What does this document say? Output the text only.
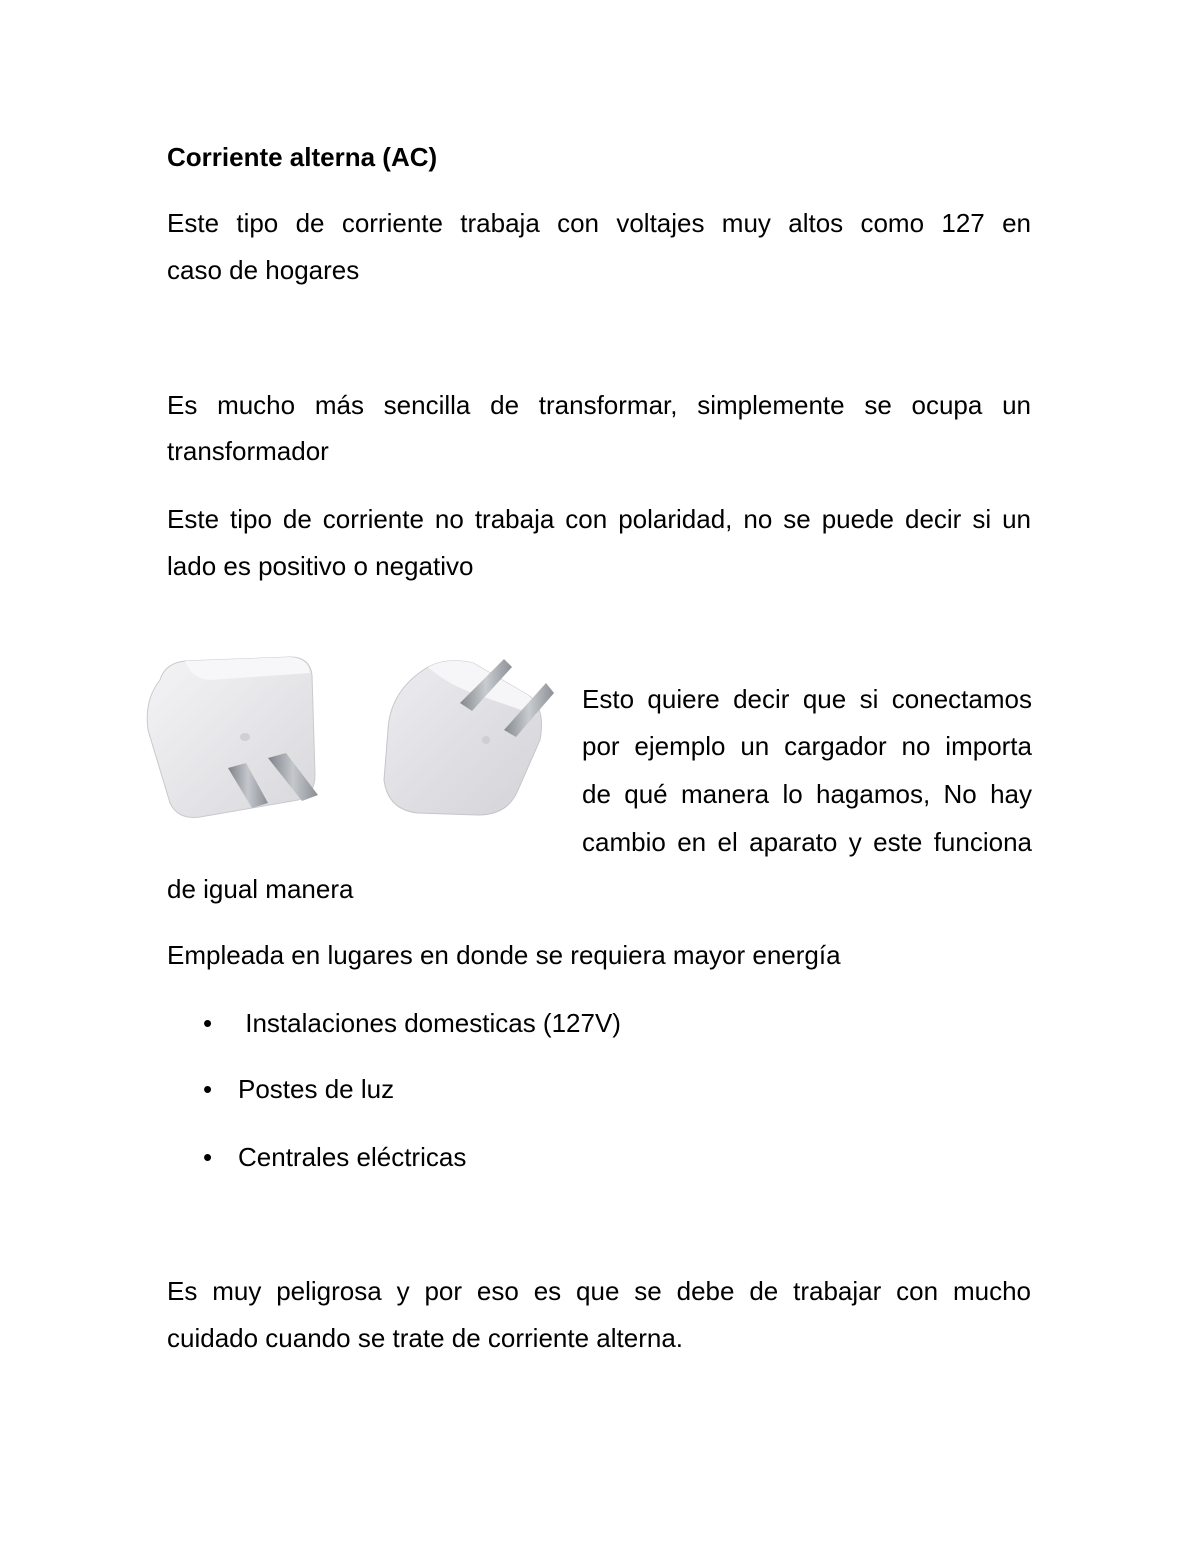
Corriente alterna (AC)

Este tipo de corriente trabaja con voltajes muy altos como 127 en

caso de hogares

Es mucho más sencilla de transformar, simplemente se ocupa un

transformador

Este tipo de corriente no trabaja con polaridad, no se puede decir si un

lado es positivo o negativo

Esto quiere decir que si conectamos

por ejemplo un cargador no importa

de qué manera lo hagamos, No hay

cambio en el aparato y este funciona

de igual manera

Empleada en lugares en donde se requiera mayor energía

• Instalaciones domesticas (127V)

• Postes de luz

• Centrales eléctricas

Es muy peligrosa y por eso es que se debe de trabajar con mucho

cuidado cuando se trate de corriente alterna.
